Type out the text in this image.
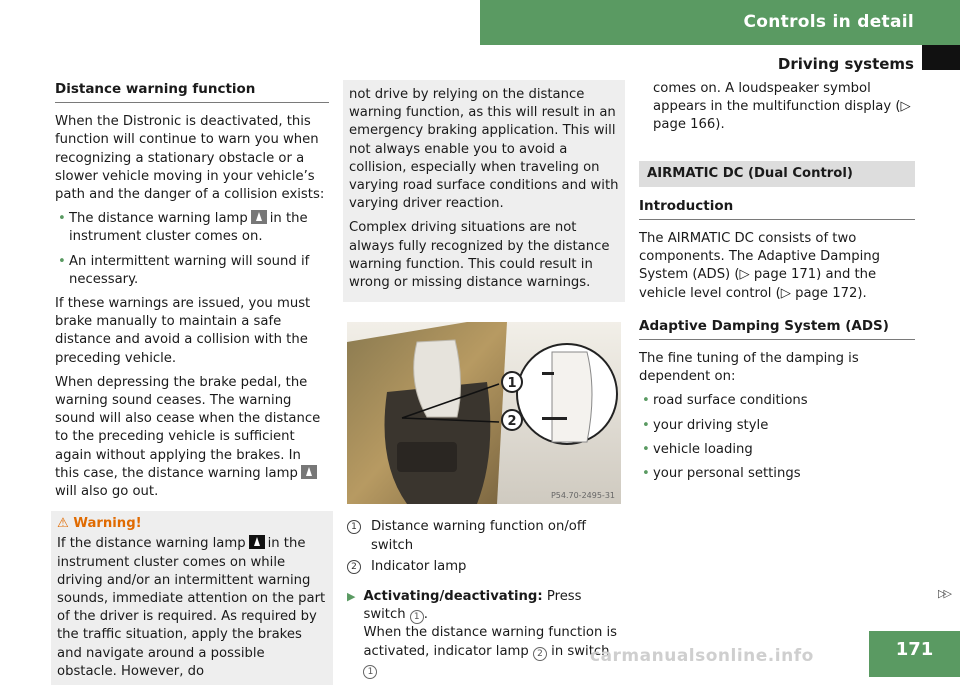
Controls in detail
Driving systems
Distance warning function

When the Distronic is deactivated, this function will continue to warn you when recognizing a stationary obstacle or a slower vehicle moving in your vehicle’s path and the danger of a collision exists:

• The distance warning lamp in the instrument cluster comes on.
• An intermittent warning will sound if necessary.

If these warnings are issued, you must brake manually to maintain a safe distance and avoid a collision with the preceding vehicle.

When depressing the brake pedal, the warning sound ceases. The warning sound will also cease when the distance to the preceding vehicle is sufficient again without applying the brakes. In this case, the distance warning lampwill also go out.

⚠ Warning!
If the distance warning lamp in the instrument cluster comes on while driving and/or an intermittent warning sounds, immediate attention on the part of the driver is required. As required by the traffic situation, apply the brakes and navigate around a possible obstacle. However, do

not drive by relying on the distance warning function, as this will result in an emergency braking application. This will not always enable you to avoid a collision, especially when traveling on varying road surface conditions and with varying driver reaction.

Complex driving situations are not always fully recognized by the distance warning function. This could result in wrong or missing distance warnings.

1
2
P54.70-2495-31
1	Distance warning function on/off switch
2	Indicator lamp
▶ Activating/deactivating: Press switch 1 .
When the distance warning function is activated, indicator lamp 2 in switch 1

comes on. A loudspeaker symbol appears in the multifunction display (▷ page 166).

AIRMATIC DC (Dual Control)
Introduction

The AIRMATIC DC consists of two components. The Adaptive Damping System (ADS) (▷ page 171) and the vehicle level control (▷ page 172).

Adaptive Damping System (ADS)

The fine tuning of the damping is dependent on:

• road surface conditions
• your driving style
• vehicle loading
• your personal settings
▷▷
171
carmanualsonline.info
